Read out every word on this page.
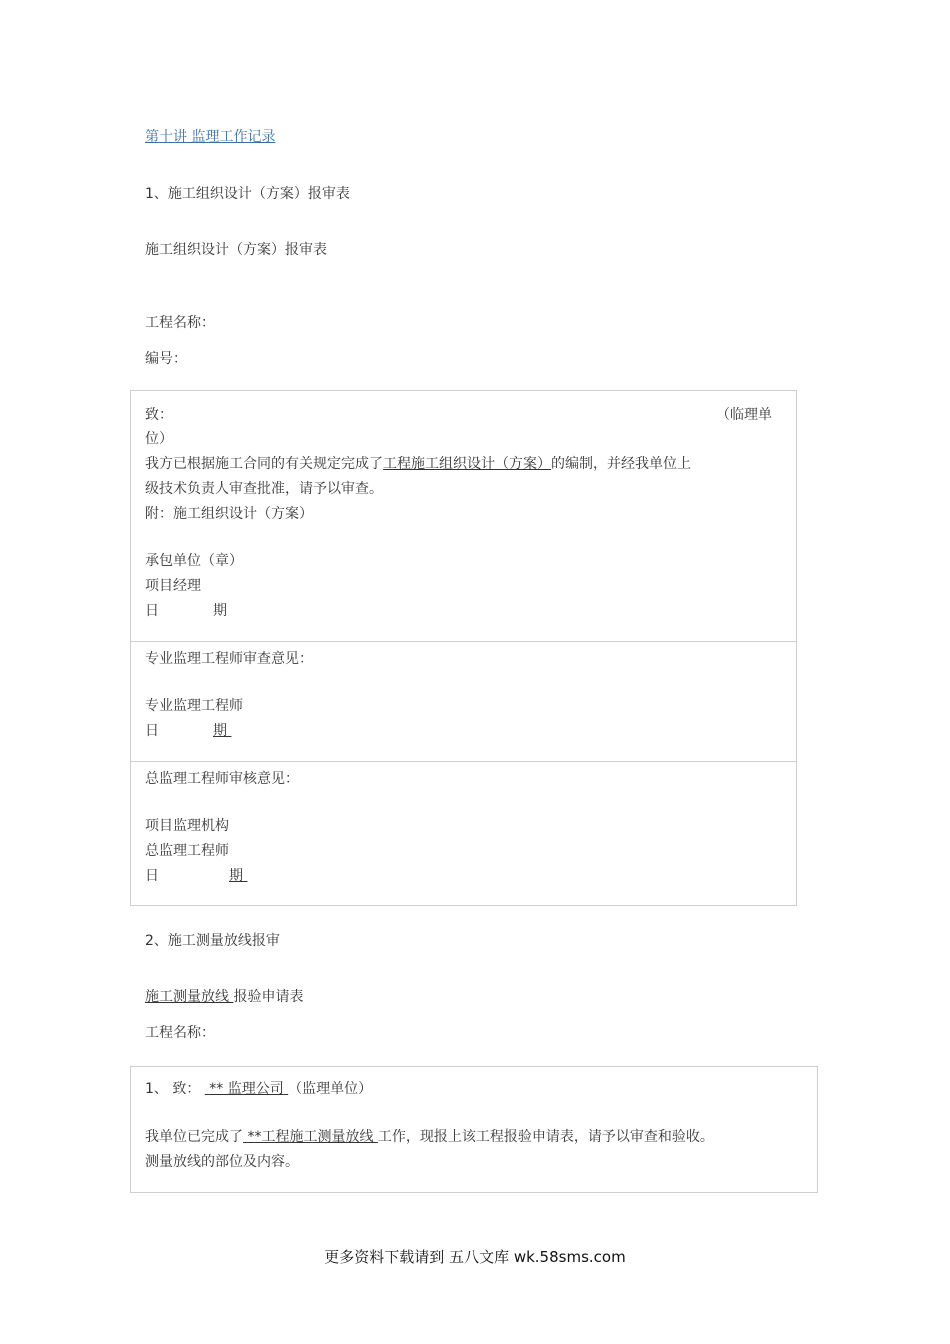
第十讲 监理工作记录
1、施工组织设计（方案）报审表
施工组织设计（方案）报审表
工程名称：
编号：
致：	（临理单
位）
我方已根据施工合同的有关规定完成了工程施工组织设计（方案）的编制，并经我单位上
级技术负责人审查批准，请予以审查。
附：施工组织设计（方案）
承包单位（章）
项目经理
日	期
专业监理工程师审查意见：
专业监理工程师
日	期
总监理工程师审核意见：
项目监理机构
总监理工程师
日	期
2、施工测量放线报审
施工测量放线 报验申请表
工程名称：
1、 致： ** 监理公司 （监理单位）
我单位已完成了 **工程施工测量放线 工作，现报上该工程报验申请表，请予以审查和验收。
测量放线的部位及内容。
更多资料下载请到 五八文库 wk.58sms.com
